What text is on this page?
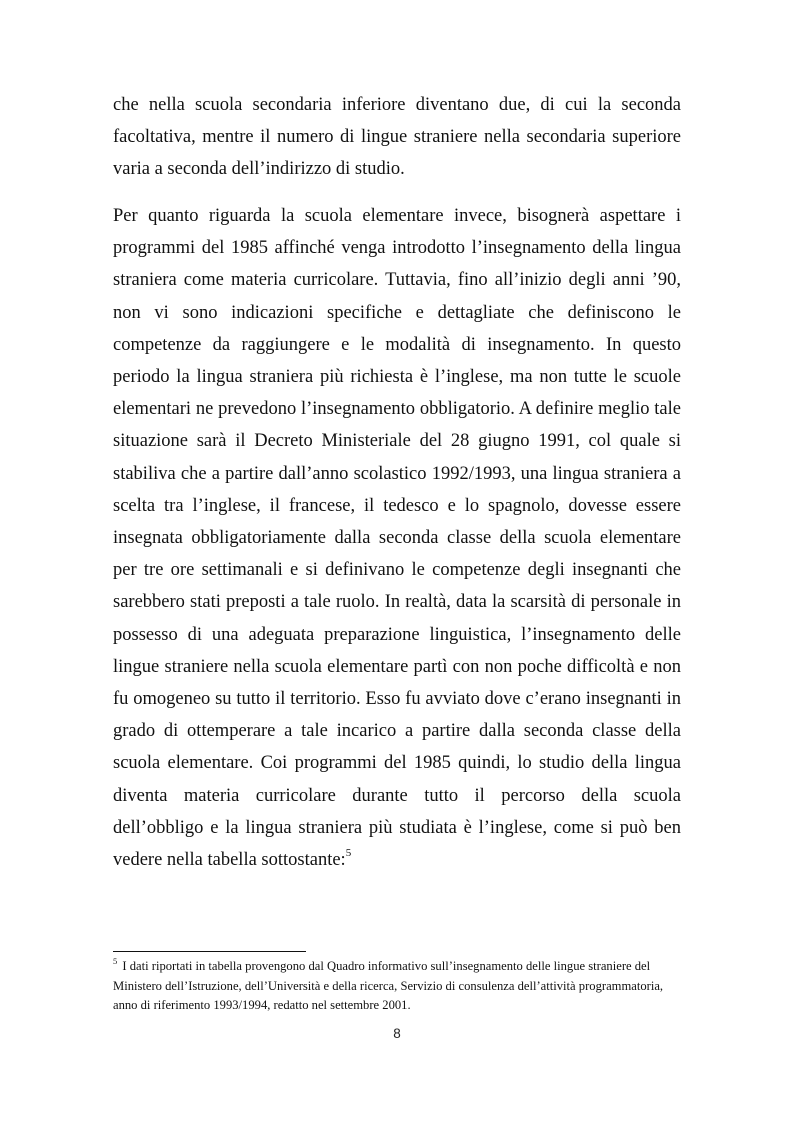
che nella scuola secondaria inferiore diventano due, di cui la seconda facoltativa, mentre il numero di lingue straniere nella secondaria superiore varia a seconda dell’indirizzo di studio.

Per quanto riguarda la scuola elementare invece, bisognerà aspettare i programmi del 1985 affinché venga introdotto l’insegnamento della lingua straniera come materia curricolare. Tuttavia, fino all’inizio degli anni ’90, non vi sono indicazioni specifiche e dettagliate che definiscono le competenze da raggiungere e le modalità di insegnamento. In questo periodo la lingua straniera più richiesta è l’inglese, ma non tutte le scuole elementari ne prevedono l’insegnamento obbligatorio. A definire meglio tale situazione sarà il Decreto Ministeriale del 28 giugno 1991, col quale si stabiliva che a partire dall’anno scolastico 1992/1993, una lingua straniera a scelta tra l’inglese, il francese, il tedesco e lo spagnolo, dovesse essere insegnata obbligatoriamente dalla seconda classe della scuola elementare per tre ore settimanali e si definivano le competenze degli insegnanti che sarebbero stati preposti a tale ruolo. In realtà, data la scarsità di personale in possesso di una adeguata preparazione linguistica, l’insegnamento delle lingue straniere nella scuola elementare partì con non poche difficoltà e non fu omogeneo su tutto il territorio. Esso fu avviato dove c’erano insegnanti in grado di ottemperare a tale incarico a partire dalla seconda classe della scuola elementare. Coi programmi del 1985 quindi, lo studio della lingua diventa materia curricolare durante tutto il percorso della scuola dell’obbligo e la lingua straniera più studiata è l’inglese, come si può ben vedere nella tabella sottostante:$^5$

$^5$ I dati riportati in tabella provengono dal Quadro informativo sull’insegnamento delle lingue straniere del Ministero dell’Istruzione, dell’Università e della ricerca, Servizio di consulenza dell’attività programmatoria, anno di riferimento 1993/1994, redatto nel settembre 2001.

8
